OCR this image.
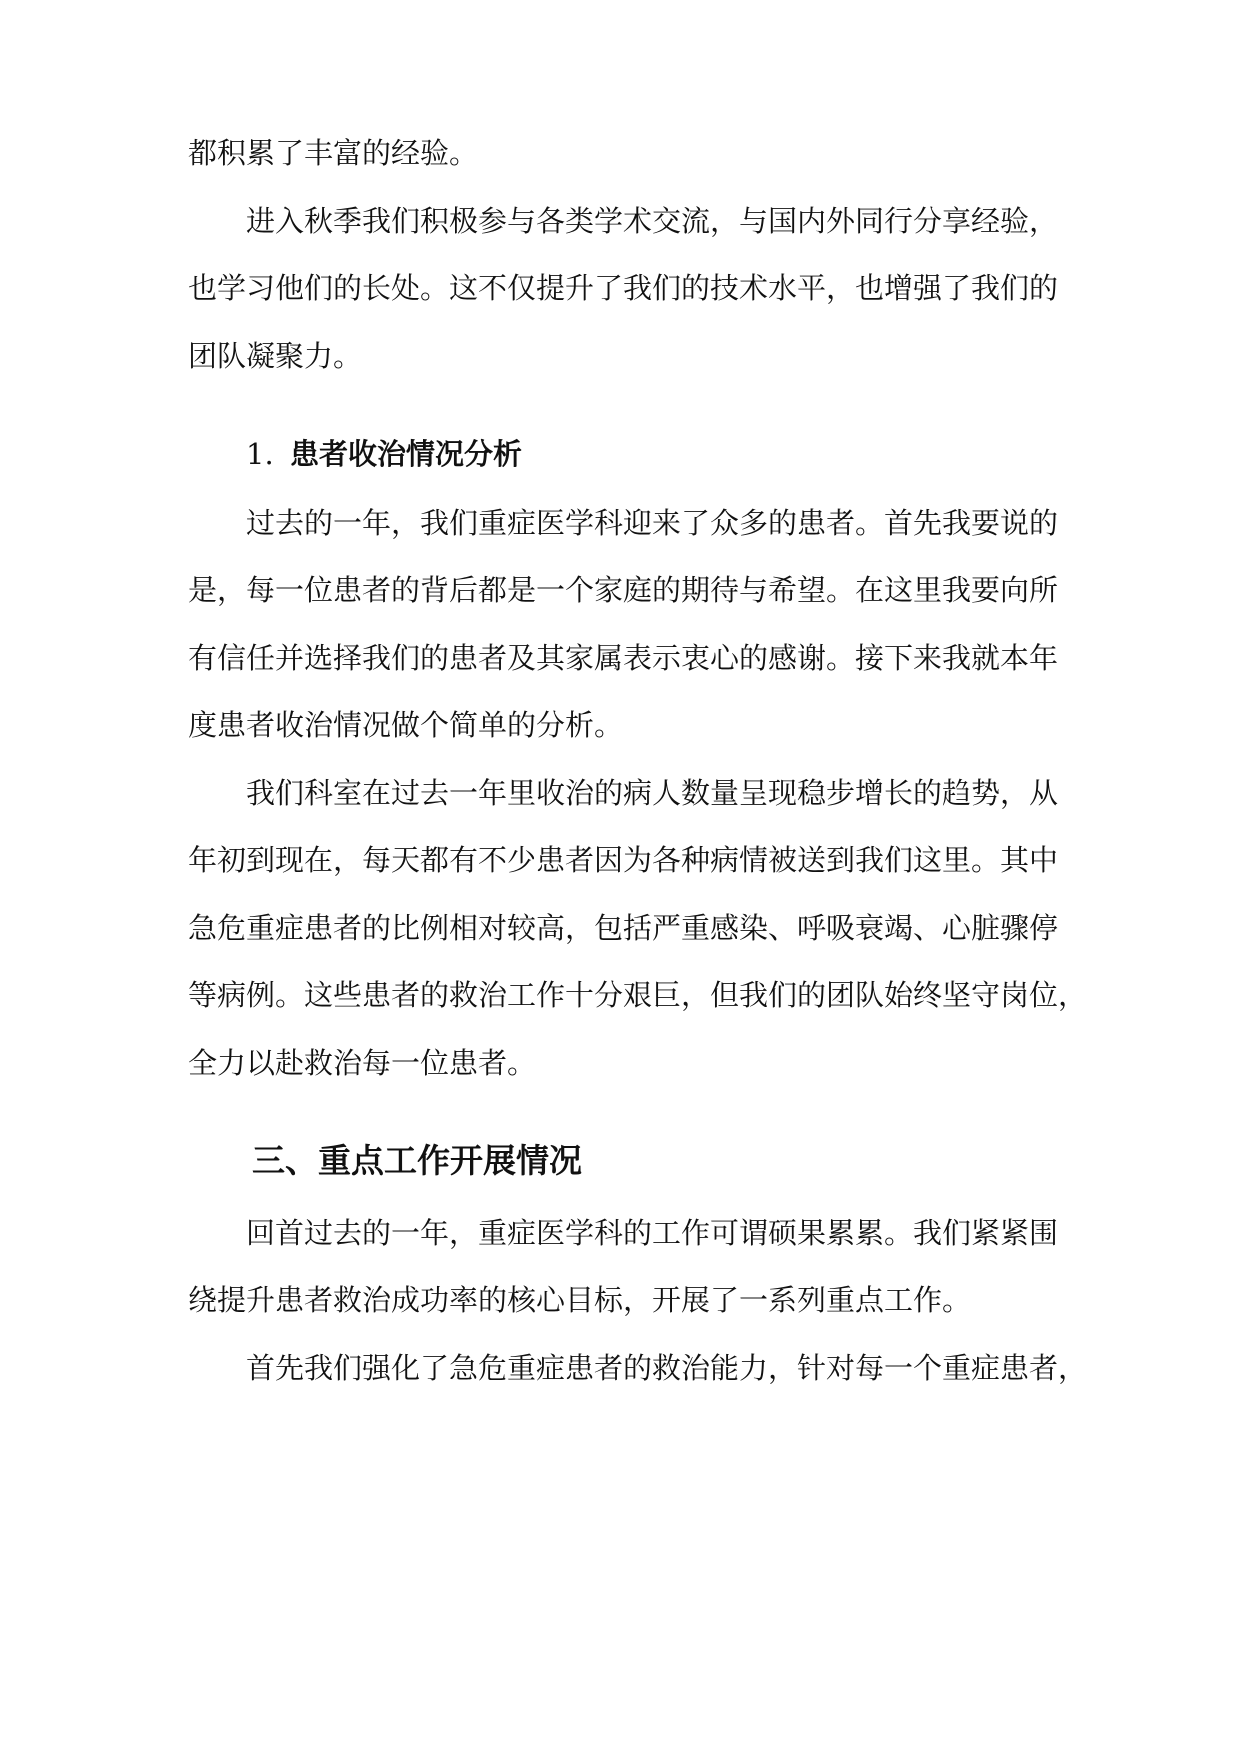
都积累了丰富的经验。
进入秋季我们积极参与各类学术交流，与国内外同行分享经验，
也学习他们的长处。这不仅提升了我们的技术水平，也增强了我们的
团队凝聚力。
1. 患者收治情况分析
过去的一年，我们重症医学科迎来了众多的患者。首先我要说的
是，每一位患者的背后都是一个家庭的期待与希望。在这里我要向所
有信任并选择我们的患者及其家属表示衷心的感谢。接下来我就本年
度患者收治情况做个简单的分析。
我们科室在过去一年里收治的病人数量呈现稳步增长的趋势，从
年初到现在，每天都有不少患者因为各种病情被送到我们这里。其中
急危重症患者的比例相对较高，包括严重感染、呼吸衰竭、心脏骤停
等病例。这些患者的救治工作十分艰巨，但我们的团队始终坚守岗位，
全力以赴救治每一位患者。
三、重点工作开展情况
回首过去的一年，重症医学科的工作可谓硕果累累。我们紧紧围
绕提升患者救治成功率的核心目标，开展了一系列重点工作。
首先我们强化了急危重症患者的救治能力，针对每一个重症患者，
